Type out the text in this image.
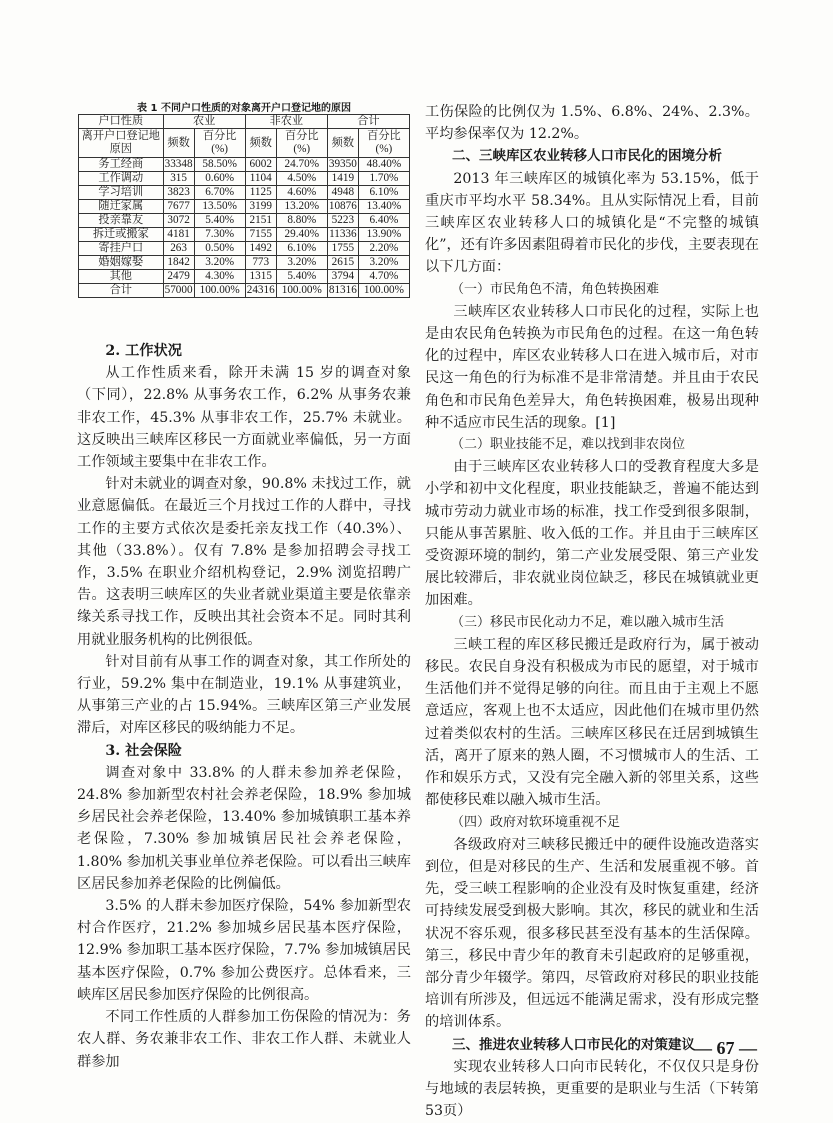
表 1 不同户口性质的对象离开户口登记地的原因
户口性质	农业		非农业		合计	
离开户口登记地原因	频数	百分比(%)	频数	百分比(%)	频数	百分比(%)
务工经商	33348	58.50%	6002	24.70%	39350	48.40%
工作调动	315	0.60%	1104	4.50%	1419	1.70%
学习培训	3823	6.70%	1125	4.60%	4948	6.10%
随迁家属	7677	13.50%	3199	13.20%	10876	13.40%
投亲靠友	3072	5.40%	2151	8.80%	5223	6.40%
拆迁或搬家	4181	7.30%	7155	29.40%	11336	13.90%
寄挂户口	263	0.50%	1492	6.10%	1755	2.20%
婚姻嫁娶	1842	3.20%	773	3.20%	2615	3.20%
其他	2479	4.30%	1315	5.40%	3794	4.70%
合计	57000	100.00%	24316	100.00%	81316	100.00%

2. 工作状况

从工作性质来看，除开未满 15 岁的调查对象（下同），22.8% 从事务农工作，6.2% 从事务农兼非农工作，45.3% 从事非农工作，25.7% 未就业。这反映出三峡库区移民一方面就业率偏低，另一方面工作领域主要集中在非农工作。

针对未就业的调查对象，90.8% 未找过工作，就业意愿偏低。在最近三个月找过工作的人群中，寻找工作的主要方式依次是委托亲友找工作（40.3%）、其他（33.8%）。仅有 7.8% 是参加招聘会寻找工作，3.5% 在职业介绍机构登记，2.9% 浏览招聘广告。这表明三峡库区的失业者就业渠道主要是依靠亲缘关系寻找工作，反映出其社会资本不足。同时其利用就业服务机构的比例很低。

针对目前有从事工作的调查对象，其工作所处的行业，59.2% 集中在制造业，19.1% 从事建筑业，从事第三产业的占 15.94%。三峡库区第三产业发展滞后，对库区移民的吸纳能力不足。

3. 社会保险

调查对象中 33.8% 的人群未参加养老保险，24.8% 参加新型农村社会养老保险，18.9% 参加城乡居民社会养老保险，13.40% 参加城镇职工基本养老保险，7.30% 参加城镇居民社会养老保险，1.80% 参加机关事业单位养老保险。可以看出三峡库区居民参加养老保险的比例偏低。

3.5% 的人群未参加医疗保险，54% 参加新型农村合作医疗，21.2% 参加城乡居民基本医疗保险，12.9% 参加职工基本医疗保险，7.7% 参加城镇居民基本医疗保险，0.7% 参加公费医疗。总体看来，三峡库区居民参加医疗保险的比例很高。

不同工作性质的人群参加工伤保险的情况为：务农人群、务农兼非农工作、非农工作人群、未就业人群参加

工伤保险的比例仅为 1.5%、6.8%、24%、2.3%。平均参保率仅为 12.2%。

二、三峡库区农业转移人口市民化的困境分析

2013 年三峡库区的城镇化率为 53.15%，低于重庆市平均水平 58.34%。且从实际情况上看，目前三峡库区农业转移人口的城镇化是“不完整的城镇化”，还有许多因素阻碍着市民化的步伐，主要表现在以下几方面：

（一）市民角色不清，角色转换困难

三峡库区农业转移人口市民化的过程，实际上也是由农民角色转换为市民角色的过程。在这一角色转化的过程中，库区农业转移人口在进入城市后，对市民这一角色的行为标准不是非常清楚。并且由于农民角色和市民角色差异大，角色转换困难，极易出现种种不适应市民生活的现象。[1]

（二）职业技能不足，难以找到非农岗位

由于三峡库区农业转移人口的受教育程度大多是小学和初中文化程度，职业技能缺乏，普遍不能达到城市劳动力就业市场的标准，找工作受到很多限制，只能从事苦累脏、收入低的工作。并且由于三峡库区受资源环境的制约，第二产业发展受限、第三产业发展比较滞后，非农就业岗位缺乏，移民在城镇就业更加困难。

（三）移民市民化动力不足，难以融入城市生活

三峡工程的库区移民搬迁是政府行为，属于被动移民。农民自身没有积极成为市民的愿望，对于城市生活他们并不觉得足够的向往。而且由于主观上不愿意适应，客观上也不太适应，因此他们在城市里仍然过着类似农村的生活。三峡库区移民在迁居到城镇生活，离开了原来的熟人圈，不习惯城市人的生活、工作和娱乐方式，又没有完全融入新的邻里关系，这些都使移民难以融入城市生活。

（四）政府对软环境重视不足

各级政府对三峡移民搬迁中的硬件设施改造落实到位，但是对移民的生产、生活和发展重视不够。首先，受三峡工程影响的企业没有及时恢复重建，经济可持续发展受到极大影响。其次，移民的就业和生活状况不容乐观，很多移民甚至没有基本的生活保障。第三，移民中青少年的教育未引起政府的足够重视，部分青少年辍学。第四，尽管政府对移民的职业技能培训有所涉及，但远远不能满足需求，没有形成完整的培训体系。

三、推进农业转移人口市民化的对策建议

实现农业转移人口向市民转化，不仅仅只是身份与地域的表层转换，更重要的是职业与生活（下转第53页）

— 67 —
